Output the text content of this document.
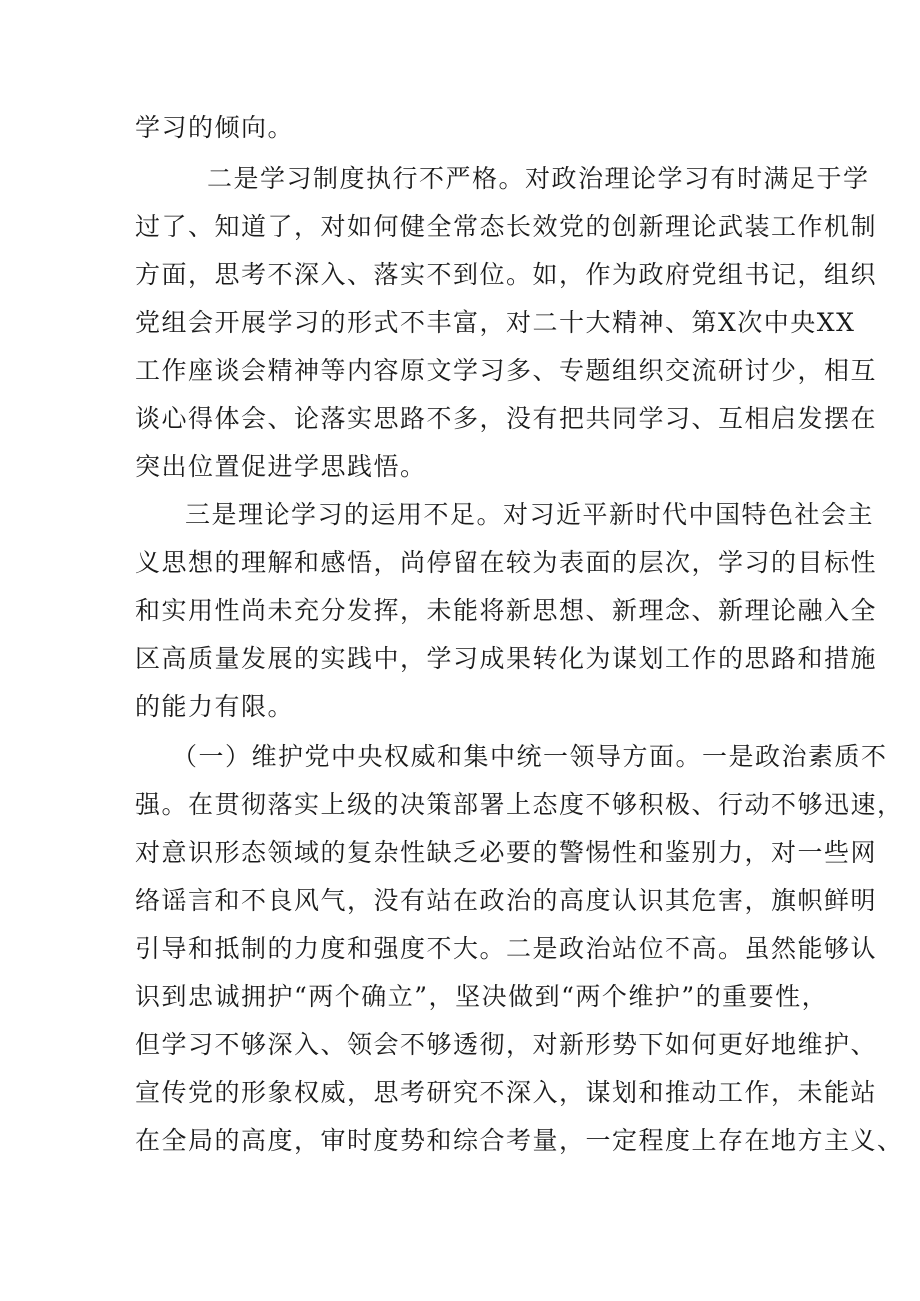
学习的倾向。
二是学习制度执行不严格。对政治理论学习有时满足于学
过了、知道了，对如何健全常态长效党的创新理论武装工作机制
方面，思考不深入、落实不到位。如，作为政府党组书记，组织
党组会开展学习的形式不丰富，对二十大精神、第X次中央XX
工作座谈会精神等内容原文学习多、专题组织交流研讨少，相互
谈心得体会、论落实思路不多，没有把共同学习、互相启发摆在
突出位置促进学思践悟。
三是理论学习的运用不足。对习近平新时代中国特色社会主
义思想的理解和感悟，尚停留在较为表面的层次，学习的目标性
和实用性尚未充分发挥，未能将新思想、新理念、新理论融入全
区高质量发展的实践中，学习成果转化为谋划工作的思路和措施
的能力有限。
（一）维护党中央权威和集中统一领导方面。一是政治素质不
强。在贯彻落实上级的决策部署上态度不够积极、行动不够迅速，
对意识形态领域的复杂性缺乏必要的警惕性和鉴别力，对一些网
络谣言和不良风气，没有站在政治的高度认识其危害，旗帜鲜明
引导和抵制的力度和强度不大。二是政治站位不高。虽然能够认
识到忠诚拥护“两个确立”，坚决做到“两个维护”的重要性，
但学习不够深入、领会不够透彻，对新形势下如何更好地维护、
宣传党的形象权威，思考研究不深入，谋划和推动工作，未能站
在全局的高度，审时度势和综合考量，一定程度上存在地方主义、
